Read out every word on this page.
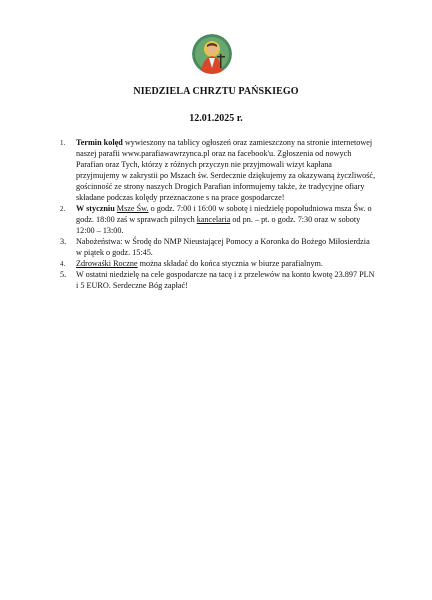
NIEDZIELA CHRZTU PAŃSKIEGO
12.01.2025 r.
1.	Termin kolęd wywieszony na tablicy ogłoszeń oraz zamieszczony na stronie internetowej naszej parafii www.parafiawawrzynca.pl oraz na facebook'u. Zgłoszenia od nowych Parafian oraz Tych, którzy z różnych przyczyn nie przyjmowali wizyt kapłana przyjmujemy w zakrystii po Mszach św. Serdecznie dziękujemy za okazywaną życzliwość, gościnność ze strony naszych Drogich Parafian informujemy także, że tradycyjne ofiary składane podczas kolędy przeznaczone s na prace gospodarcze!
2.	W styczniu Msze Św. o godz. 7:00 i 16:00 w sobotę i niedzielę popołudniowa msza Św. o godz. 18:00 zaś w sprawach pilnych kancelaria od pn. – pt. o godz. 7:30 oraz w soboty 12:00 – 13:00.
3.	Nabożeństwa: w Środę do NMP Nieustającej Pomocy a Koronka do Bożego Miłosierdzia w piątek o godz. 15:45.
4.	Zdrowaśki Roczne można składać do końca stycznia w biurze parafialnym.
5.	W ostatni niedzielę na cele gospodarcze na tacę i z przelewów na konto kwotę 23.897 PLN i 5 EURO. Serdeczne Bóg zapłać!
